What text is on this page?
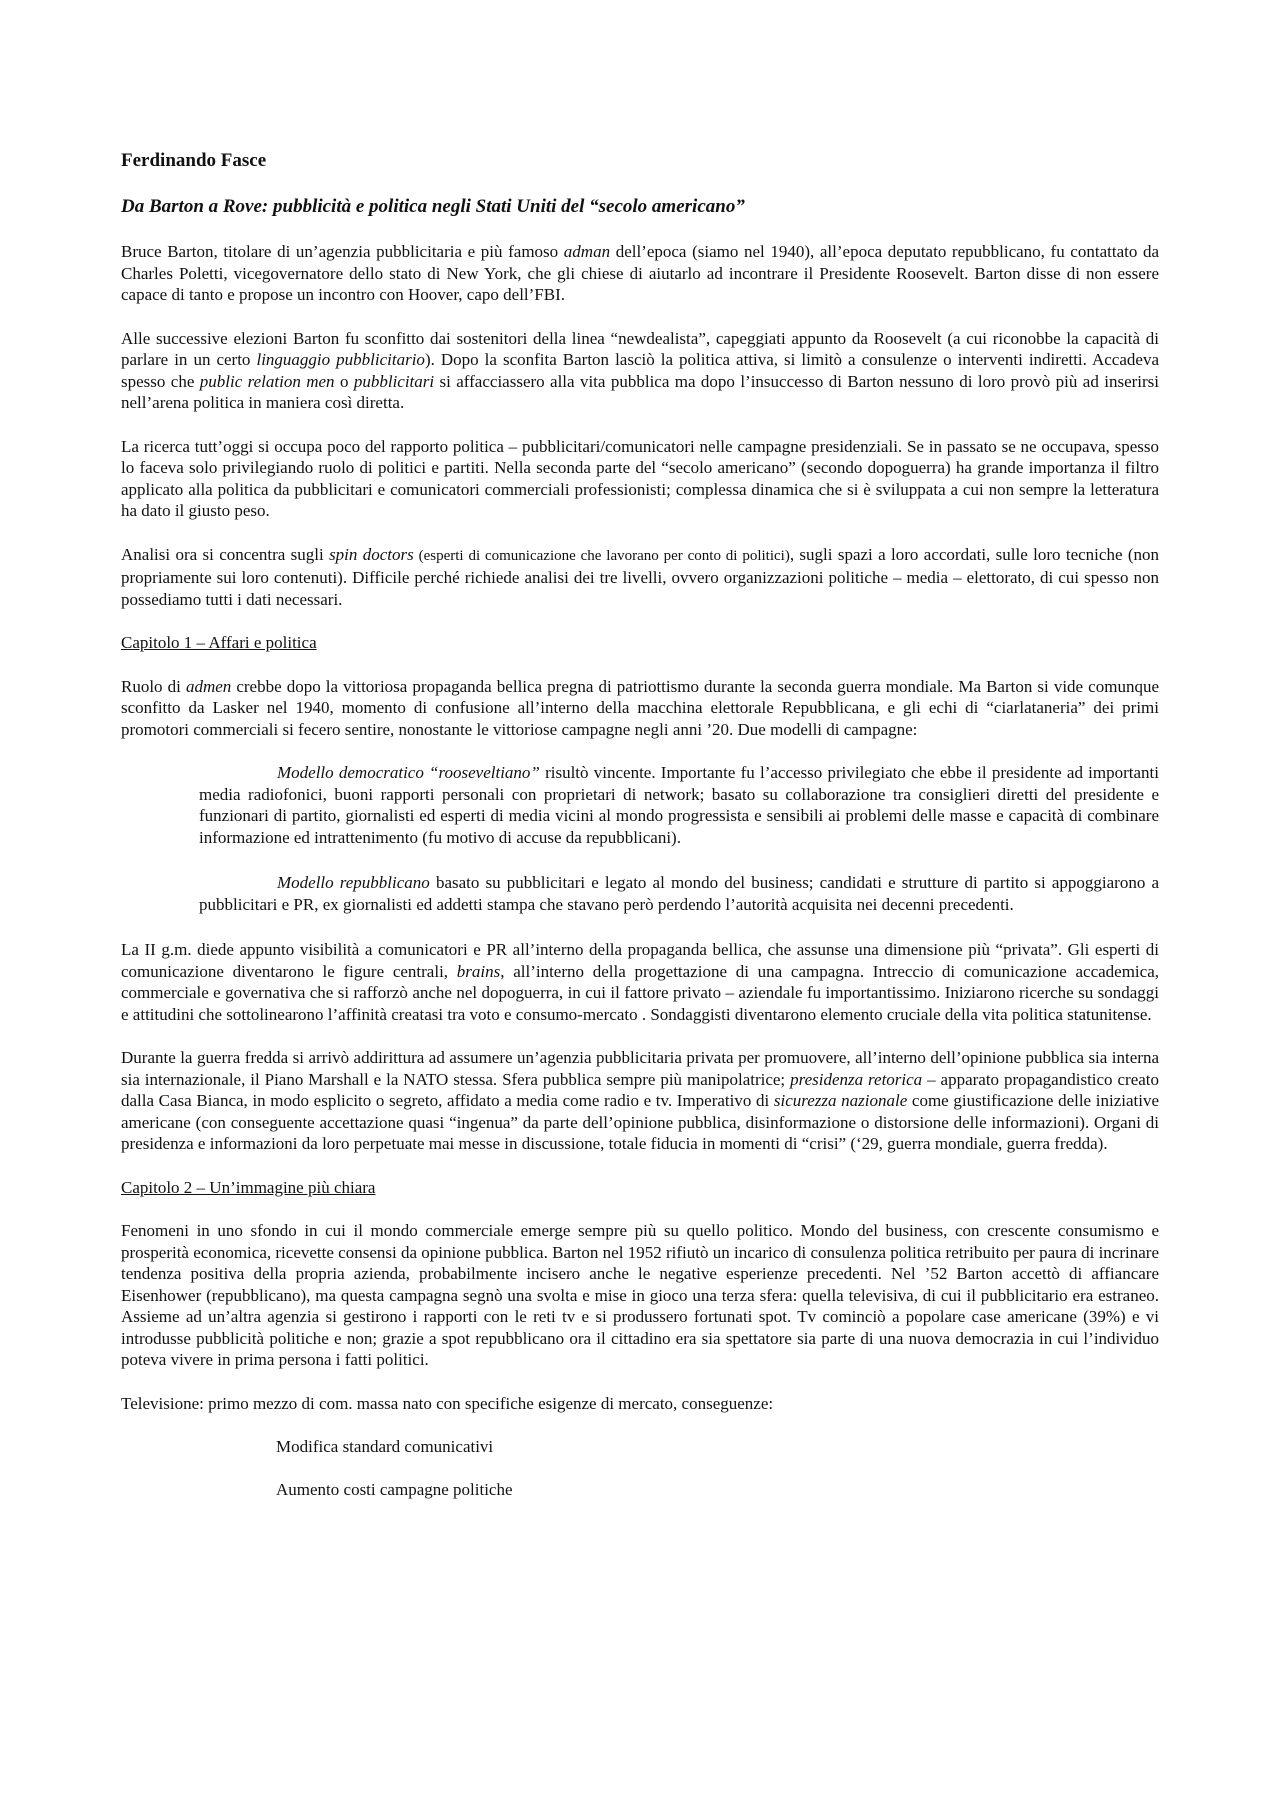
Ferdinando Fasce

Da Barton a Rove: pubblicità e politica negli Stati Uniti del “secolo americano”

Bruce Barton, titolare di un’agenzia pubblicitaria e più famoso adman dell’epoca (siamo nel 1940), all’epoca deputato repubblicano, fu contattato da Charles Poletti, vicegovernatore dello stato di New York, che gli chiese di aiutarlo ad incontrare il Presidente Roosevelt. Barton disse di non essere capace di tanto e propose un incontro con Hoover, capo dell’FBI.

Alle successive elezioni Barton fu sconfitto dai sostenitori della linea “newdealista”, capeggiati appunto da Roosevelt (a cui riconobbe la capacità di parlare in un certo linguaggio pubblicitario). Dopo la sconfita Barton lasciò la politica attiva, si limitò a consulenze o interventi indiretti. Accadeva spesso che public relation men o pubblicitari si affacciassero alla vita pubblica ma dopo l’insuccesso di Barton nessuno di loro provò più ad inserirsi nell’arena politica in maniera così diretta.

La ricerca tutt’oggi si occupa poco del rapporto politica – pubblicitari/comunicatori nelle campagne presidenziali. Se in passato se ne occupava, spesso lo faceva solo privilegiando ruolo di politici e partiti. Nella seconda parte del “secolo americano” (secondo dopoguerra) ha grande importanza il filtro applicato alla politica da pubblicitari e comunicatori commerciali professionisti; complessa dinamica che si è sviluppata a cui non sempre la letteratura ha dato il giusto peso.

Analisi ora si concentra sugli spin doctors (esperti di comunicazione che lavorano per conto di politici), sugli spazi a loro accordati, sulle loro tecniche (non propriamente sui loro contenuti). Difficile perché richiede analisi dei tre livelli, ovvero organizzazioni politiche – media – elettorato, di cui spesso non possediamo tutti i dati necessari.

Capitolo 1 – Affari e politica

Ruolo di admen crebbe dopo la vittoriosa propaganda bellica pregna di patriottismo durante la seconda guerra mondiale. Ma Barton si vide comunque sconfitto da Lasker nel 1940, momento di confusione all’interno della macchina elettorale Repubblicana, e gli echi di “ciarlataneria” dei primi promotori commerciali si fecero sentire, nonostante le vittoriose campagne negli anni ’20. Due modelli di campagne:

Modello democratico “rooseveltiano” risultò vincente. Importante fu l’accesso privilegiato che ebbe il presidente ad importanti media radiofonici, buoni rapporti personali con proprietari di network; basato su collaborazione tra consiglieri diretti del presidente e funzionari di partito, giornalisti ed esperti di media vicini al mondo progressista e sensibili ai problemi delle masse e capacità di combinare informazione ed intrattenimento (fu motivo di accuse da repubblicani).

Modello repubblicano basato su pubblicitari e legato al mondo del business; candidati e strutture di partito si appoggiarono a pubblicitari e PR, ex giornalisti ed addetti stampa che stavano però perdendo l’autorità acquisita nei decenni precedenti.

La II g.m. diede appunto visibilità a comunicatori e PR all’interno della propaganda bellica, che assunse una dimensione più “privata”. Gli esperti di comunicazione diventarono le figure centrali, brains, all’interno della progettazione di una campagna. Intreccio di comunicazione accademica, commerciale e governativa che si rafforzò anche nel dopoguerra, in cui il fattore privato – aziendale fu importantissimo. Iniziarono ricerche su sondaggi e attitudini che sottolinearono l’affinità creatasi tra voto e consumo-mercato . Sondaggisti diventarono elemento cruciale della vita politica statunitense.

Durante la guerra fredda si arrivò addirittura ad assumere un’agenzia pubblicitaria privata per promuovere, all’interno dell’opinione pubblica sia interna sia internazionale, il Piano Marshall e la NATO stessa. Sfera pubblica sempre più manipolatrice; presidenza retorica – apparato propagandistico creato dalla Casa Bianca, in modo esplicito o segreto, affidato a media come radio e tv. Imperativo di sicurezza nazionale come giustificazione delle iniziative americane (con conseguente accettazione quasi “ingenua” da parte dell’opinione pubblica, disinformazione o distorsione delle informazioni). Organi di presidenza e informazioni da loro perpetuate mai messe in discussione, totale fiducia in momenti di “crisi” (‘29, guerra mondiale, guerra fredda).

Capitolo 2 – Un’immagine più chiara

Fenomeni in uno sfondo in cui il mondo commerciale emerge sempre più su quello politico. Mondo del business, con crescente consumismo e prosperità economica, ricevette consensi da opinione pubblica. Barton nel 1952 rifiutò un incarico di consulenza politica retribuito per paura di incrinare tendenza positiva della propria azienda, probabilmente incisero anche le negative esperienze precedenti. Nel ’52 Barton accettò di affiancare Eisenhower (repubblicano), ma questa campagna segnò una svolta e mise in gioco una terza sfera: quella televisiva, di cui il pubblicitario era estraneo. Assieme ad un’altra agenzia si gestirono i rapporti con le reti tv e si produssero fortunati spot. Tv cominciò a popolare case americane (39%) e vi introdusse pubblicità politiche e non; grazie a spot repubblicano ora il cittadino era sia spettatore sia parte di una nuova democrazia in cui l’individuo poteva vivere in prima persona i fatti politici.

Televisione: primo mezzo di com. massa nato con specifiche esigenze di mercato, conseguenze:

Modifica standard comunicativi

Aumento costi campagne politiche
